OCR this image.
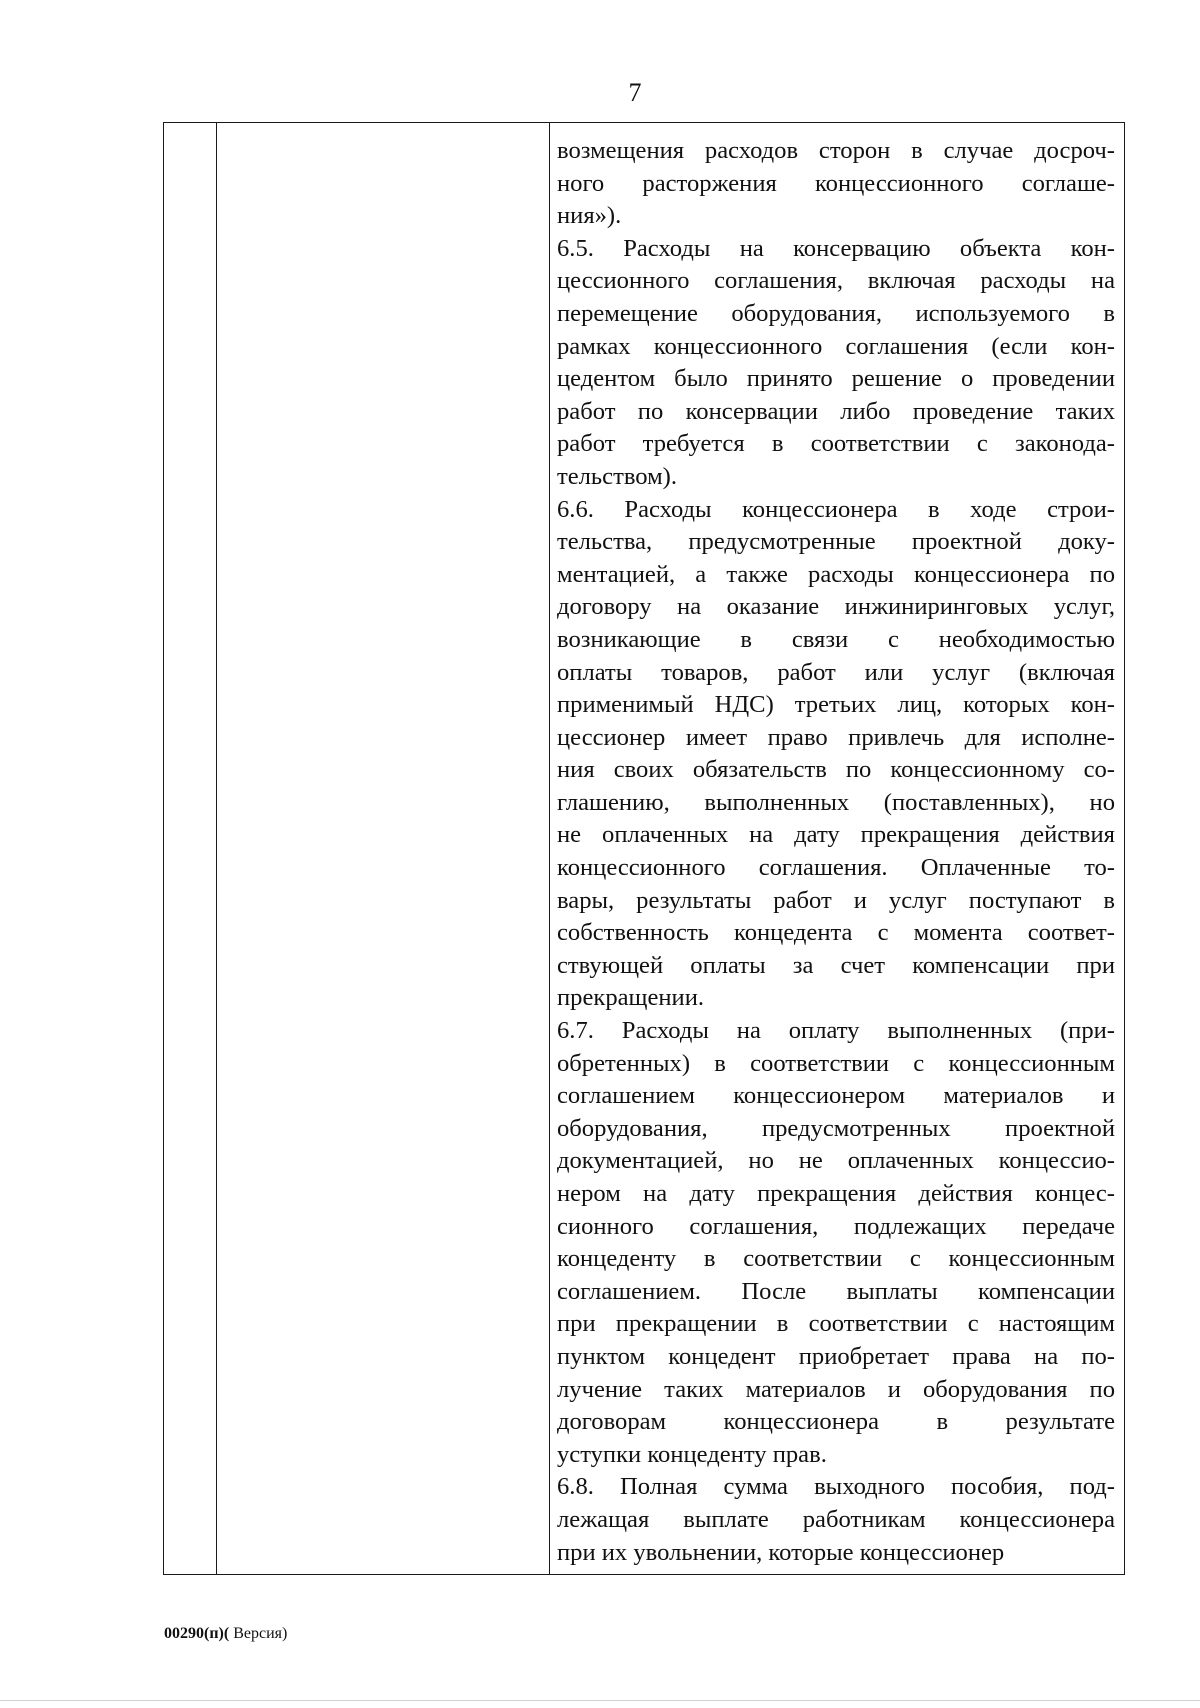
7
возмещения расходов сторон в случае досроч-
ного расторжения концессионного соглаше-
ния»).
6.5. Расходы на консервацию объекта кон-
цессионного соглашения, включая расходы на
перемещение оборудования, используемого в
рамках концессионного соглашения (если кон-
цедентом было принято решение о проведении
работ по консервации либо проведение таких
работ требуется в соответствии с законода-
тельством).
6.6. Расходы концессионера в ходе строи-
тельства, предусмотренные проектной доку-
ментацией, а также расходы концессионера по
договору на оказание инжиниринговых услуг,
возникающие в связи с необходимостью
оплаты товаров, работ или услуг (включая
применимый НДС) третьих лиц, которых кон-
цессионер имеет право привлечь для исполне-
ния своих обязательств по концессионному со-
глашению, выполненных (поставленных), но
не оплаченных на дату прекращения действия
концессионного соглашения. Оплаченные то-
вары, результаты работ и услуг поступают в
собственность концедента с момента соответ-
ствующей оплаты за счет компенсации при
прекращении.
6.7. Расходы на оплату выполненных (при-
обретенных) в соответствии с концессионным
соглашением концессионером материалов и
оборудования, предусмотренных проектной
документацией, но не оплаченных концессио-
нером на дату прекращения действия концес-
сионного соглашения, подлежащих передаче
концеденту в соответствии с концессионным
соглашением. После выплаты компенсации
при прекращении в соответствии с настоящим
пунктом концедент приобретает права на по-
лучение таких материалов и оборудования по
договорам концессионера в результате
уступки концеденту прав.
6.8. Полная сумма выходного пособия, под-
лежащая выплате работникам концессионера
при их увольнении, которые концессионер
00290(п)( Версия)
